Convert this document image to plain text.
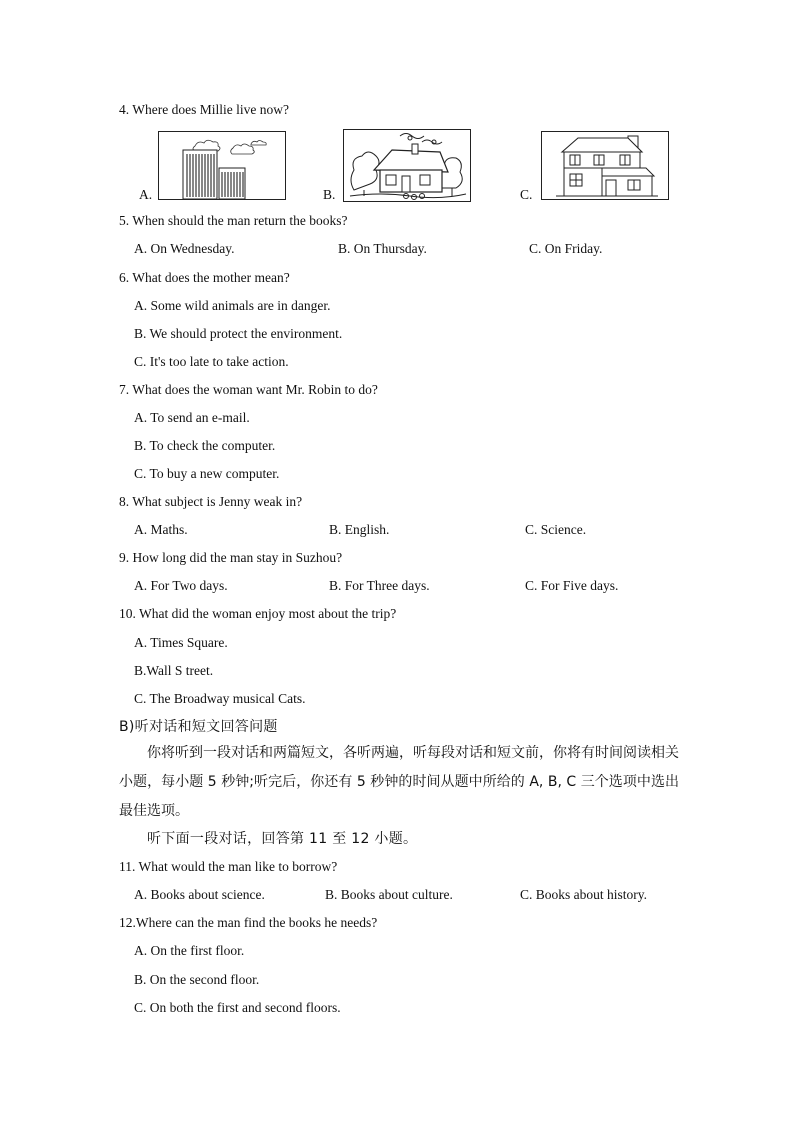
4. Where does Millie live now?
A.	B.	C.
5. When should the man return the books?
A. On Wednesday.	B. On Thursday.	C. On Friday.
6. What does the mother mean?
A. Some wild animals are in danger.
B. We should protect the environment.
C. It's too late to take action.
7. What does the woman want Mr. Robin to do?
A. To send an e-mail.
B. To check the computer.
C. To buy a new computer.
8. What subject is Jenny weak in?
A. Maths.	B. English.	C. Science.
9. How long did the man stay in Suzhou?
A. For Two days.	B. For Three days.	C. For Five days.
10. What did the woman enjoy most about the trip?
A. Times Square.
B.Wall S treet.
C. The Broadway musical Cats.
B)听对话和短文回答问题
你将听到一段对话和两篇短文，各听两遍，听每段对话和短文前，你将有时间阅读相关小题，每小题 5 秒钟;听完后，你还有 5 秒钟的时间从题中所给的 A, B, C 三个选项中选出最佳选项。
听下面一段对话，回答第 11 至 12 小题。
11. What would the man like to borrow?
A. Books about science.	B. Books about culture.	C. Books about history.
12.Where can the man find the books he needs?
A. On the first floor.
B. On the second floor.
C. On both the first and second floors.
